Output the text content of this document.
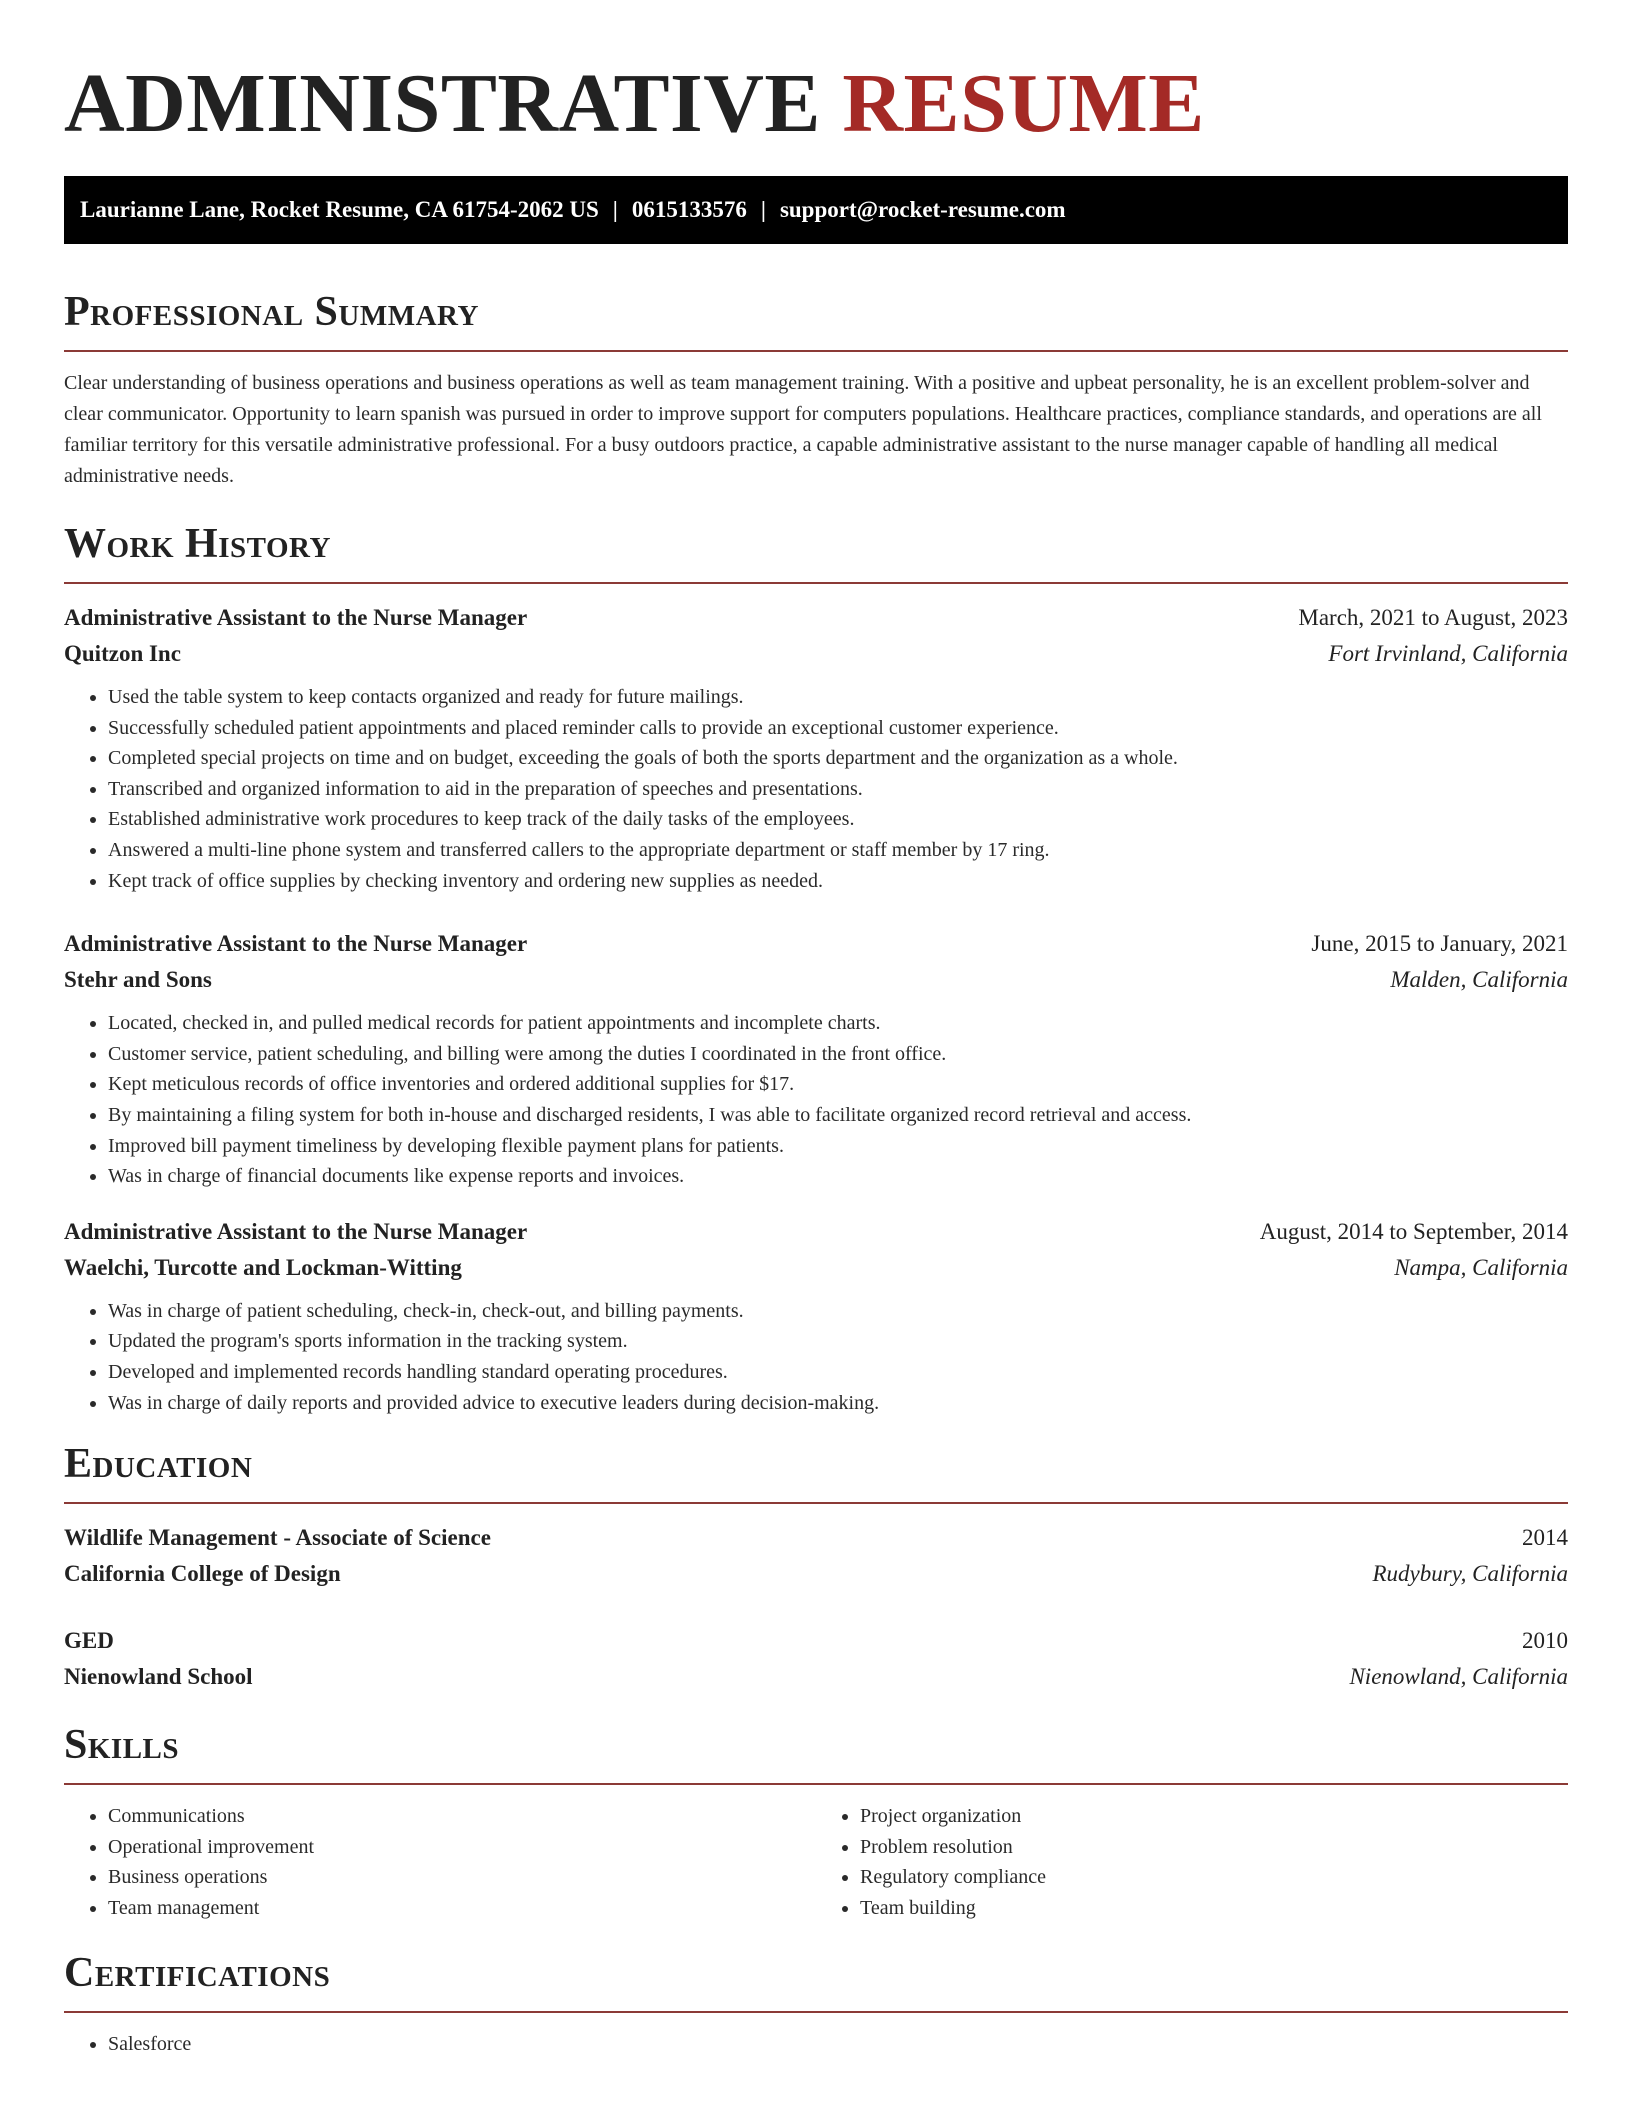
ADMINISTRATIVE RESUME
Laurianne Lane, Rocket Resume, CA 61754-2062 US | 0615133576 | support@rocket-resume.com
Professional Summary

Clear understanding of business operations and business operations as well as team management training. With a positive and upbeat personality, he is an excellent problem-solver and clear communicator. Opportunity to learn spanish was pursued in order to improve support for computers populations. Healthcare practices, compliance standards, and operations are all familiar territory for this versatile administrative professional. For a busy outdoors practice, a capable administrative assistant to the nurse manager capable of handling all medical administrative needs.

Work History
Administrative Assistant to the Nurse Manager	March, 2021 to August, 2023
Quitzon Inc	Fort Irvinland, California
• Used the table system to keep contacts organized and ready for future mailings.
• Successfully scheduled patient appointments and placed reminder calls to provide an exceptional customer experience.
• Completed special projects on time and on budget, exceeding the goals of both the sports department and the organization as a whole.
• Transcribed and organized information to aid in the preparation of speeches and presentations.
• Established administrative work procedures to keep track of the daily tasks of the employees.
• Answered a multi-line phone system and transferred callers to the appropriate department or staff member by 17 ring.
• Kept track of office supplies by checking inventory and ordering new supplies as needed.
Administrative Assistant to the Nurse Manager	June, 2015 to January, 2021
Stehr and Sons	Malden, California
• Located, checked in, and pulled medical records for patient appointments and incomplete charts.
• Customer service, patient scheduling, and billing were among the duties I coordinated in the front office.
• Kept meticulous records of office inventories and ordered additional supplies for $17.
• By maintaining a filing system for both in-house and discharged residents, I was able to facilitate organized record retrieval and access.
• Improved bill payment timeliness by developing flexible payment plans for patients.
• Was in charge of financial documents like expense reports and invoices.
Administrative Assistant to the Nurse Manager	August, 2014 to September, 2014
Waelchi, Turcotte and Lockman-Witting	Nampa, California
• Was in charge of patient scheduling, check-in, check-out, and billing payments.
• Updated the program's sports information in the tracking system.
• Developed and implemented records handling standard operating procedures.
• Was in charge of daily reports and provided advice to executive leaders during decision-making.
Education
Wildlife Management - Associate of Science	2014
California College of Design	Rudybury, California
GED	2010
Nienowland School	Nienowland, California
Skills
• Communications
• Operational improvement
• Business operations
• Team management
• Project organization
• Problem resolution
• Regulatory compliance
• Team building
Certifications
• Salesforce
